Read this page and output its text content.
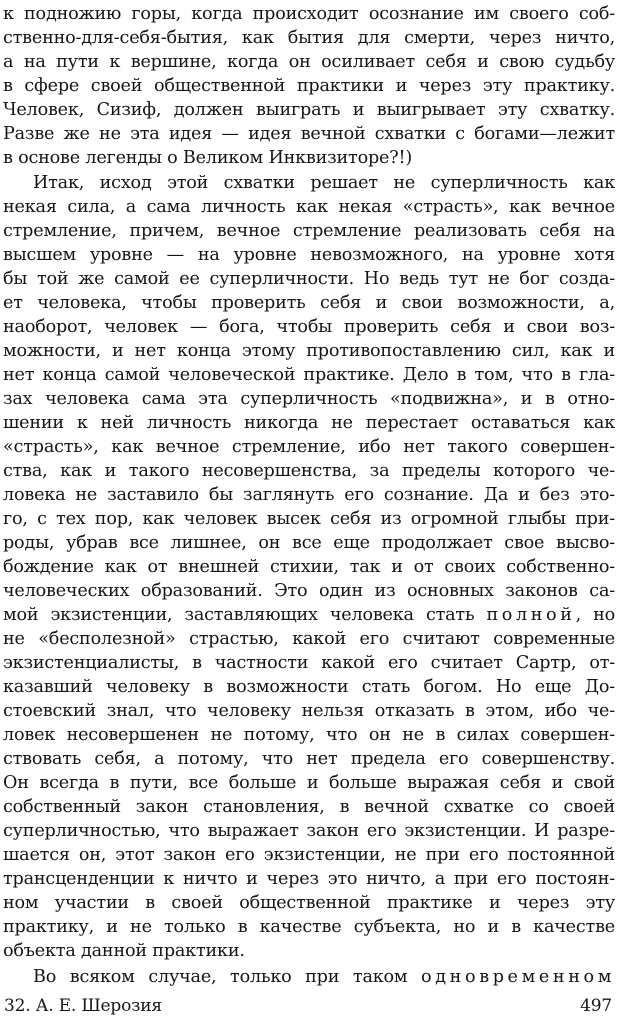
к подножию горы, когда происходит осознание им своего соб-
ственно-для-себя-бытия, как бытия для смерти, через ничто,
а на пути к вершине, когда он осиливает себя и свою судьбу
в сфере своей общественной практики и через эту практику.
Человек, Сизиф, должен выиграть и выигрывает эту схватку.
Разве же не эта идея — идея вечной схватки с богами—лежит
в основе легенды о Великом Инквизиторе?!)
Итак, исход этой схватки решает не суперличность как
некая сила, а сама личность как некая «страсть», как вечное
стремление, причем, вечное стремление реализовать себя на
высшем уровне — на уровне невозможного, на уровне хотя
бы той же самой ее суперличности. Но ведь тут не бог созда-
ет человека, чтобы проверить себя и свои возможности, а,
наоборот, человек — бога, чтобы проверить себя и свои воз-
можности, и нет конца этому противопоставлению сил, как и
нет конца самой человеческой практике. Дело в том, что в гла-
зах человека сама эта суперличность «подвижна», и в отно-
шении к ней личность никогда не перестает оставаться как
«страсть», как вечное стремление, ибо нет такого совершен-
ства, как и такого несовершенства, за пределы которого че-
ловека не заставило бы заглянуть его сознание. Да и без это-
го, с тех пор, как человек высек себя из огромной глыбы при-
роды, убрав все лишнее, он все еще продолжает свое высво-
бождение как от внешней стихии, так и от своих собственно-
человеческих образований. Это один из основных законов са-
мой экзистенции, заставляющих человека стать полной, но
не «бесполезной» страстью, какой его считают современные
экзистенциалисты, в частности какой его считает Сартр, от-
казавший человеку в возможности стать богом. Но еще До-
стоевский знал, что человеку нельзя отказать в этом, ибо че-
ловек несовершенен не потому, что он не в силах совершен-
ствовать себя, а потому, что нет предела его совершенству.
Он всегда в пути, все больше и больше выражая себя и свой
собственный закон становления, в вечной схватке со своей
суперличностью, что выражает закон его экзистенции. И разре-
шается он, этот закон его экзистенции, не при его постоянной
трансценденции к ничто и через это ничто, а при его постоян-
ном участии в своей общественной практике и через эту
практику, и не только в качестве субъекта, но и в качестве
объекта данной практики.
Во всяком случае, только при таком одновременном
32. А. Е. Шерозия	497
